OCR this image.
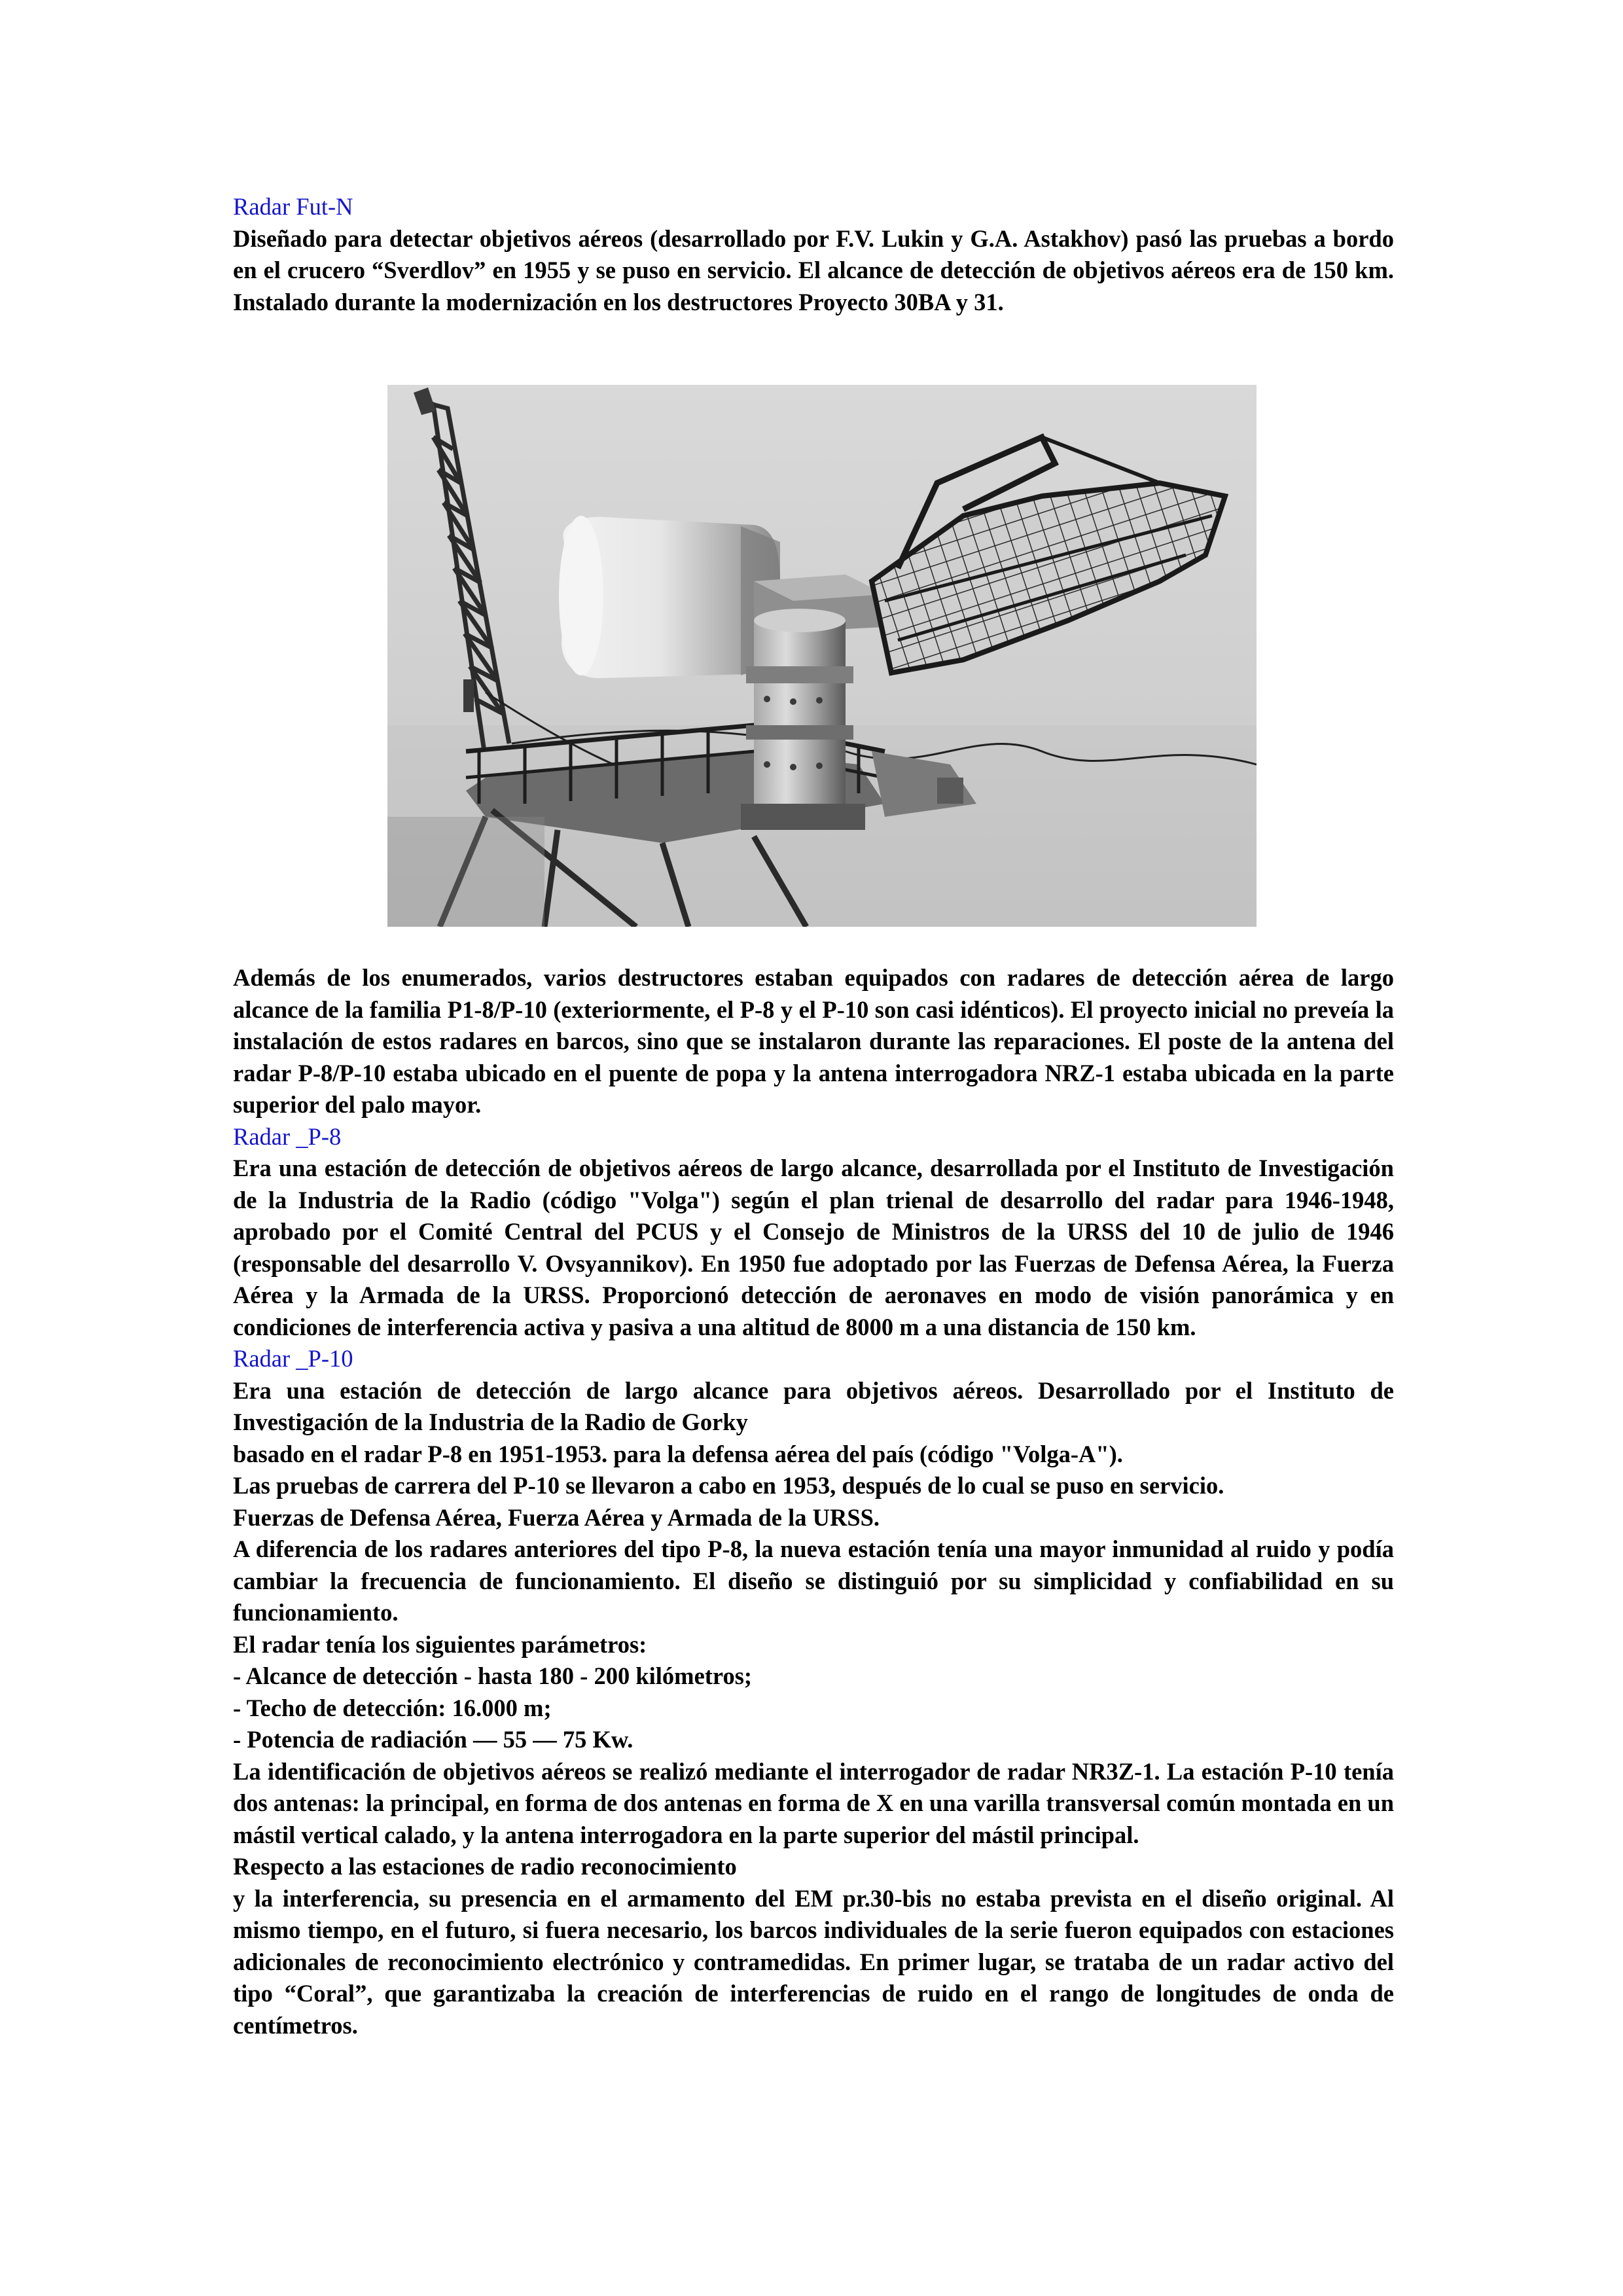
Radar Fut-N

Diseñado para detectar objetivos aéreos (desarrollado por F.V. Lukin y G.A. Astakhov) pasó las pruebas a bordo en el crucero “Sverdlov” en 1955 y se puso en servicio. El alcance de detección de objetivos aéreos era de 150 km. Instalado durante la modernización en los destructores Proyecto 30BA y 31.

Además de los enumerados, varios destructores estaban equipados con radares de detección aérea de largo alcance de la familia P1-8/P-10 (exteriormente, el P-8 y el P-10 son casi idénticos). El proyecto inicial no preveía la instalación de estos radares en barcos, sino que se instalaron durante las reparaciones. El poste de la antena del radar P-8/P-10 estaba ubicado en el puente de popa y la antena interrogadora NRZ-1 estaba ubicada en la parte superior del palo mayor.

Radar _P-8

Era una estación de detección de objetivos aéreos de largo alcance, desarrollada por el Instituto de Investigación de la Industria de la Radio (código "Volga") según el plan trienal de desarrollo del radar para 1946-1948, aprobado por el Comité Central del PCUS y el Consejo de Ministros de la URSS del 10 de julio de 1946 (responsable del desarrollo V. Ovsyannikov). En 1950 fue adoptado por las Fuerzas de Defensa Aérea, la Fuerza Aérea y la Armada de la URSS. Proporcionó detección de aeronaves en modo de visión panorámica y en condiciones de interferencia activa y pasiva a una altitud de 8000 m a una distancia de 150 km.

Radar _P-10

Era una estación de detección de largo alcance para objetivos aéreos. Desarrollado por el Instituto de Investigación de la Industria de la Radio de Gorky

basado en el radar P-8 en 1951-1953. para la defensa aérea del país (código "Volga-A").

Las pruebas de carrera del P-10 se llevaron a cabo en 1953, después de lo cual se puso en servicio.

Fuerzas de Defensa Aérea, Fuerza Aérea y Armada de la URSS.

A diferencia de los radares anteriores del tipo P-8, la nueva estación tenía una mayor inmunidad al ruido y podía cambiar la frecuencia de funcionamiento. El diseño se distinguió por su simplicidad y confiabilidad en su funcionamiento.

El radar tenía los siguientes parámetros:

- Alcance de detección - hasta 180 - 200 kilómetros;

- Techo de detección: 16.000 m;

- Potencia de radiación — 55 — 75 Kw.

La identificación de objetivos aéreos se realizó mediante el interrogador de radar NR3Z-1. La estación P-10 tenía dos antenas: la principal, en forma de dos antenas en forma de X en una varilla transversal común montada en un mástil vertical calado, y la antena interrogadora en la parte superior del mástil principal.

Respecto a las estaciones de radio reconocimiento

y la interferencia, su presencia en el armamento del EM pr.30-bis no estaba prevista en el diseño original. Al mismo tiempo, en el futuro, si fuera necesario, los barcos individuales de la serie fueron equipados con estaciones adicionales de reconocimiento electrónico y contramedidas. En primer lugar, se trataba de un radar activo del tipo “Coral”, que garantizaba la creación de interferencias de ruido en el rango de longitudes de onda de centímetros.
